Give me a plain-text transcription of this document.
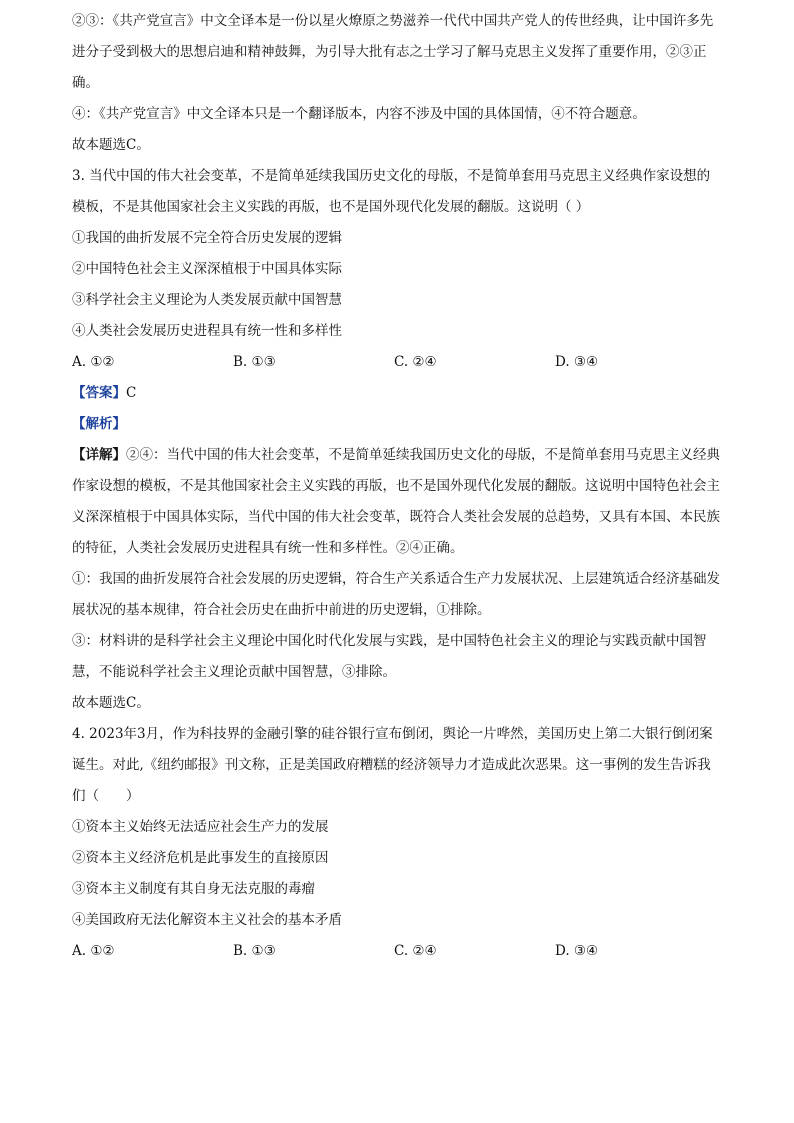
②③：《共产党宣言》中文全译本是一份以星火燎原之势滋养一代代中国共产党人的传世经典，让中国许多先进分子受到极大的思想启迪和精神鼓舞，为引导大批有志之士学习了解马克思主义发挥了重要作用，②③正确。

④：《共产党宣言》中文全译本只是一个翻译版本，内容不涉及中国的具体国情，④不符合题意。

故本题选C。

3. 当代中国的伟大社会变革，不是简单延续我国历史文化的母版，不是简单套用马克思主义经典作家设想的模板，不是其他国家社会主义实践的再版，也不是国外现代化发展的翻版。这说明（ ）

①我国的曲折发展不完全符合历史发展的逻辑

②中国特色社会主义深深植根于中国具体实际

③科学社会主义理论为人类发展贡献中国智慧

④人类社会发展历史进程具有统一性和多样性

A. ①②	B. ①③	C. ②④	D. ③④

【答案】C

【解析】

【详解】②④：当代中国的伟大社会变革，不是简单延续我国历史文化的母版，不是简单套用马克思主义经典作家设想的模板，不是其他国家社会主义实践的再版，也不是国外现代化发展的翻版。这说明中国特色社会主义深深植根于中国具体实际，当代中国的伟大社会变革，既符合人类社会发展的总趋势，又具有本国、本民族的特征，人类社会发展历史进程具有统一性和多样性。②④正确。

①：我国的曲折发展符合社会发展的历史逻辑，符合生产关系适合生产力发展状况、上层建筑适合经济基础发展状况的基本规律，符合社会历史在曲折中前进的历史逻辑，①排除。

③：材料讲的是科学社会主义理论中国化时代化发展与实践，是中国特色社会主义的理论与实践贡献中国智慧，不能说科学社会主义理论贡献中国智慧，③排除。

故本题选C。

4. 2023年3月，作为科技界的金融引擎的硅谷银行宣布倒闭，舆论一片哗然，美国历史上第二大银行倒闭案诞生。对此,《纽约邮报》刊文称，正是美国政府糟糕的经济领导力才造成此次恶果。这一事例的发生告诉我们（　　）

①资本主义始终无法适应社会生产力的发展

②资本主义经济危机是此事发生的直接原因

③资本主义制度有其自身无法克服的毒瘤

④美国政府无法化解资本主义社会的基本矛盾

A. ①②	B. ①③	C. ②④	D. ③④
